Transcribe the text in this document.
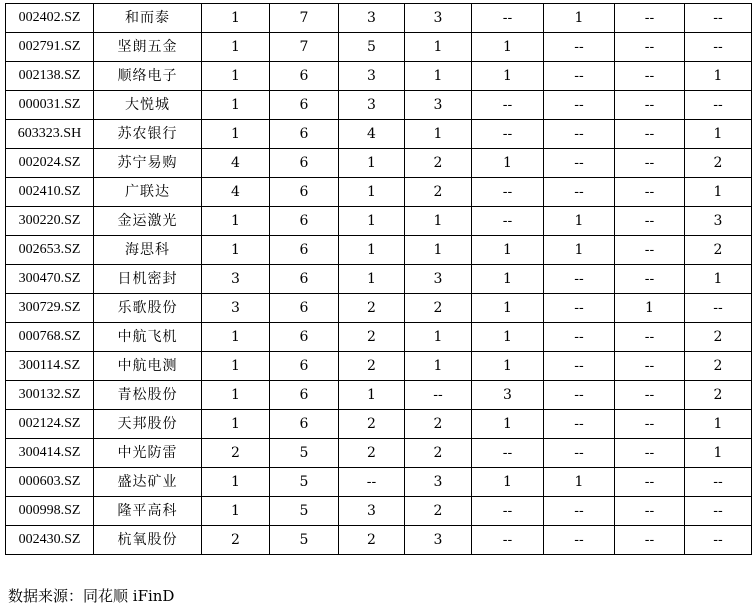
002402.SZ	和而泰	1	7	3	3	--	1	--	--
002791.SZ	坚朗五金	1	7	5	1	1	--	--	--
002138.SZ	顺络电子	1	6	3	1	1	--	--	1
000031.SZ	大悦城	1	6	3	3	--	--	--	--
603323.SH	苏农银行	1	6	4	1	--	--	--	1
002024.SZ	苏宁易购	4	6	1	2	1	--	--	2
002410.SZ	广联达	4	6	1	2	--	--	--	1
300220.SZ	金运激光	1	6	1	1	--	1	--	3
002653.SZ	海思科	1	6	1	1	1	1	--	2
300470.SZ	日机密封	3	6	1	3	1	--	--	1
300729.SZ	乐歌股份	3	6	2	2	1	--	1	--
000768.SZ	中航飞机	1	6	2	1	1	--	--	2
300114.SZ	中航电测	1	6	2	1	1	--	--	2
300132.SZ	青松股份	1	6	1	--	3	--	--	2
002124.SZ	天邦股份	1	6	2	2	1	--	--	1
300414.SZ	中光防雷	2	5	2	2	--	--	--	1
000603.SZ	盛达矿业	1	5	--	3	1	1	--	--
000998.SZ	隆平高科	1	5	3	2	--	--	--	--
002430.SZ	杭氧股份	2	5	2	3	--	--	--	--
数据来源：同花顺 iFinD
